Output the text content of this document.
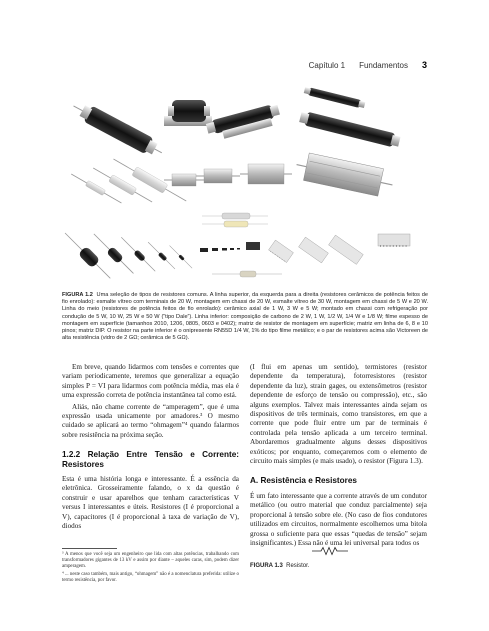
Capítulo 1 Fundamentos 3
FIGURA 1.2 Uma seleção de tipos de resistores comuns. A linha superior, da esquerda para a direita (resistores cerâmicos de potência feitos de fio enrolado): esmalte vítreo com terminais de 20 W, montagem em chassi de 20 W, esmalte vítreo de 30 W, montagem em chassi de 5 W e 20 W. Linha do meio (resistores de potência feitos de fio enrolado): cerâmico axial de 1 W, 3 W e 5 W; montado em chassi com refrigeração por condução de 5 W, 10 W, 25 W e 50 W (“tipo Dale”). Linha inferior: composição de carbono de 2 W, 1 W, 1/2 W, 1/4 W e 1/8 W; filme espesso de montagem em superfície (tamanhos 2010, 1206, 0805, 0603 e 0402); matriz de resistor de montagem em superfície; matriz em linha de 6, 8 e 10 pinos; matriz DIP. O resistor na parte inferior é o onipresente RN55D 1/4 W, 1% do tipo filme metálico; e o par de resistores acima são Victoreen de alta resistência (vidro de 2 GΩ; cerâmica de 5 GΩ).

Em breve, quando lidarmos com tensões e correntes que variam periodicamente, teremos que generalizar a equação simples P = VI para lidarmos com potência média, mas ela é uma expressão correta de potência instantânea tal como está.

Aliás, não chame corrente de “amperagem”, que é uma expressão usada unicamente por amadores.³ O mesmo cuidado se aplicará ao termo “ohmagem”⁴ quando falarmos sobre resistência na próxima seção.

1.2.2 Relação Entre Tensão e Corrente: Resistores

Esta é uma história longa e interessante. É a essência da eletrônica. Grosseiramente falando, o x da questão é construir e usar aparelhos que tenham características V versus I interessantes e úteis. Resistores (I é proporcional a V), capacitores (I é proporcional à taxa de variação de V), diodos

³ A menos que você seja um engenheiro que lida com altas potências, trabalhando com transformadores gigantes de 13 kV e assim por diante – aqueles caras, sim, podem dizer amperagem.
⁴ ... neste caso também, mais antigo, “ohmagem” não é a nomenclatura preferida: utilize o termo resistência, por favor.

(I flui em apenas um sentido), termistores (resistor dependente da temperatura), fotorresistores (resistor dependente da luz), strain gages, ou extensômetros (resistor dependente de esforço de tensão ou compressão), etc., são alguns exemplos. Talvez mais interessantes ainda sejam os dispositivos de três terminais, como transistores, em que a corrente que pode fluir entre um par de terminais é controlada pela tensão aplicada a um terceiro terminal. Abordaremos gradualmente alguns desses dispositivos exóticos; por enquanto, começaremos com o elemento de circuito mais simples (e mais usado), o resistor (Figura 1.3).

A. Resistência e Resistores

É um fato interessante que a corrente através de um condutor metálico (ou outro material que conduz parcialmente) seja proporcional à tensão sobre ele. (No caso de fios condutores utilizados em circuitos, normalmente escolhemos uma bitola grossa o suficiente para que essas “quedas de tensão” sejam insignificantes.) Essa não é uma lei universal para todos os

FIGURA 1.3 Resistor.
